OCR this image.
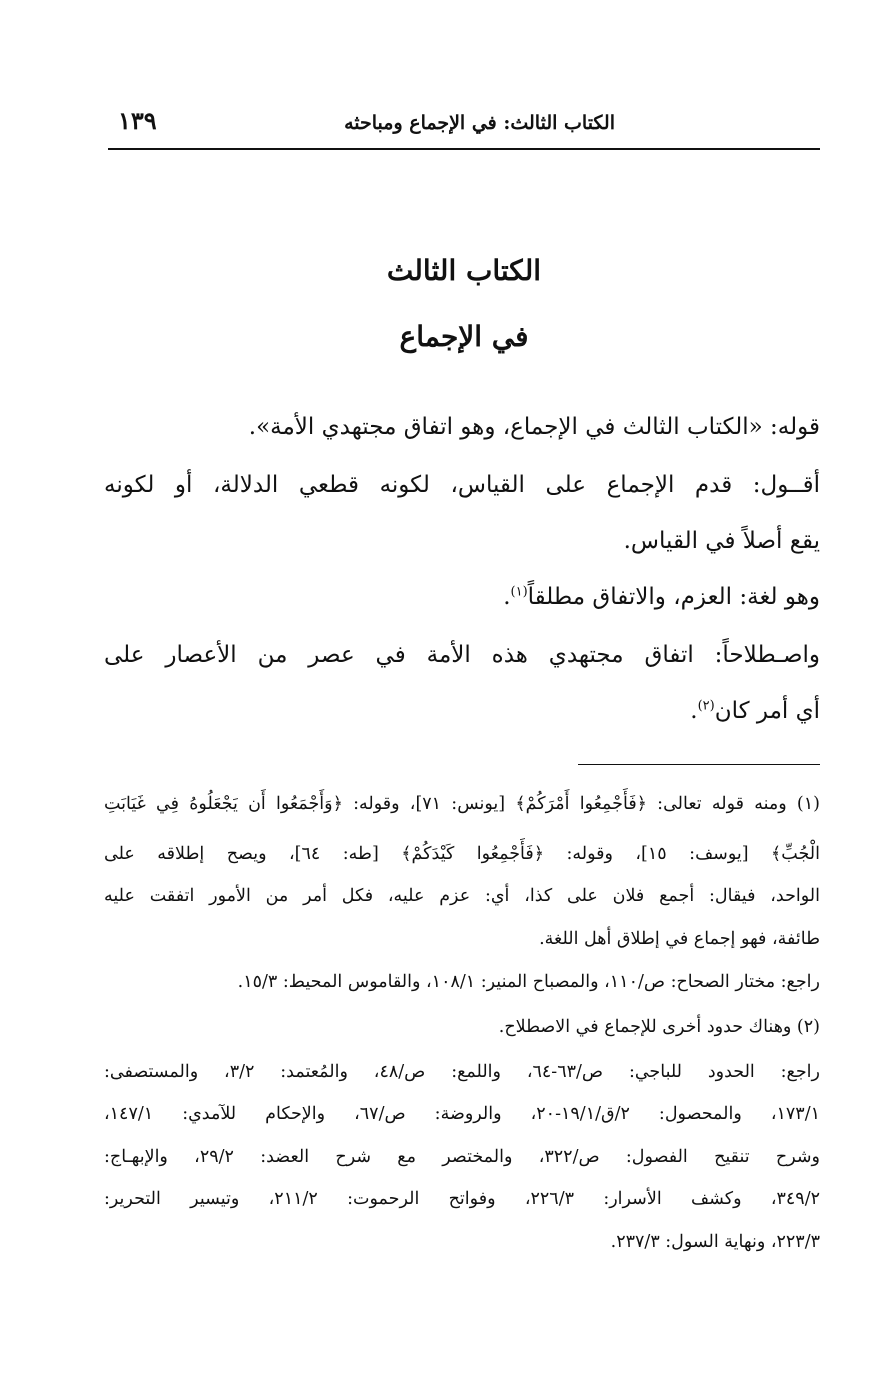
الكتاب الثالث: في الإجماع ومباحثه
١٣٩
الكتاب الثالث
في الإجماع
قوله: «الكتاب الثالث في الإجماع، وهو اتفاق مجتهدي الأمة».
أقــول: قدم الإجماع على القياس، لكونه قطعي الدلالة، أو لكونه
يقع أصلاً في القياس.
وهو لغة: العزم، والاتفاق مطلقاً$^{(١)}$.
واصـطلاحاً: اتفاق مجتهدي هذه الأمة في عصر من الأعصار على
أي أمر كان$^{(٢)}$.
(١) ومنه قوله تعالى: ﴿فَأَجْمِعُوا أَمْرَكُمْ﴾ [يونس: ٧١]، وقوله: ﴿وَأَجْمَعُوا أَن يَجْعَلُوهُ فِي غَيَابَتِ
الْجُبِّ﴾ [يوسف: ١٥]، وقوله: ﴿فَأَجْمِعُوا كَيْدَكُمْ﴾ [طه: ٦٤]، ويصح إطلاقه على
الواحد، فيقال: أجمع فلان على كذا، أي: عزم عليه، فكل أمر من الأمور اتفقت عليه
طائفة، فهو إجماع في إطلاق أهل اللغة.
راجع: مختار الصحاح: ص/١١٠، والمصباح المنير: ١٠٨/١، والقاموس المحيط: ١٥/٣.
(٢) وهناك حدود أخرى للإجماع في الاصطلاح.
راجع: الحدود للباجي: ص/٦٣-٦٤، واللمع: ص/٤٨، والمُعتمد: ٣/٢، والمستصفى:
١٧٣/١، والمحصول: ٢/ق/١٩/١-٢٠، والروضة: ص/٦٧، والإحكام للآمدي: ١٤٧/١،
وشرح تنقيح الفصول: ص/٣٢٢، والمختصر مع شرح العضد: ٢٩/٢، والإبهـاج:
٣٤٩/٢، وكشف الأسرار: ٢٢٦/٣، وفواتح الرحموت: ٢١١/٢، وتيسير التحرير:
٢٢٣/٣، ونهاية السول: ٢٣٧/٣.
